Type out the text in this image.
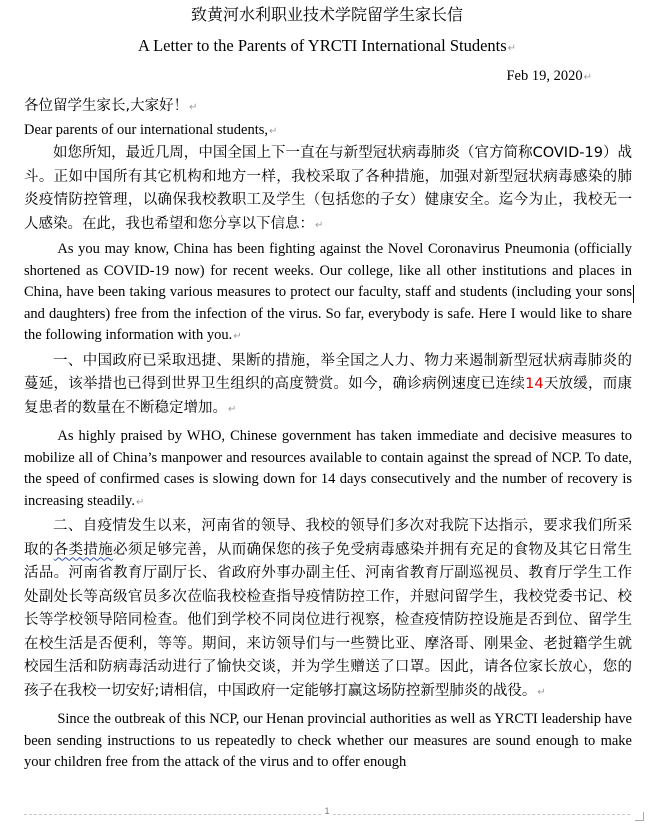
致黄河水利职业技术学院留学生家长信
A Letter to the Parents of YRCTI International Students↵
Feb 19, 2020↵

各位留学生家长,大家好！↵

Dear parents of our international students,↵

如您所知，最近几周，中国全国上下一直在与新型冠状病毒肺炎（官方简称COVID-19）战斗。正如中国所有其它机构和地方一样，我校采取了各种措施，加强对新型冠状病毒感染的肺炎疫情防控管理，以确保我校教职工及学生（包括您的子女）健康安全。迄今为止，我校无一人感染。在此，我也希望和您分享以下信息：↵

As you may know, China has been fighting against the Novel Coronavirus Pneumonia (officially shortened as COVID-19 now) for recent weeks. Our college, like all other institutions and places in China, have been taking various measures to protect our faculty, staff and students (including your sons and daughters) free from the infection of the virus. So far, everybody is safe. Here I would like to share the following information with you.↵

一、中国政府已采取迅捷、果断的措施，举全国之人力、物力来遏制新型冠状病毒肺炎的蔓延，该举措也已得到世界卫生组织的高度赞赏。如今，确诊病例速度已连续14天放缓，而康复患者的数量在不断稳定增加。↵

As highly praised by WHO, Chinese government has taken immediate and decisive measures to mobilize all of China’s manpower and resources available to contain against the spread of NCP. To date, the speed of confirmed cases is slowing down for 14 days consecutively and the number of recovery is increasing steadily.↵

二、自疫情发生以来，河南省的领导、我校的领导们多次对我院下达指示，要求我们所采取的各类措施必须足够完善，从而确保您的孩子免受病毒感染并拥有充足的食物及其它日常生活品。河南省教育厅副厅长、省政府外事办副主任、河南省教育厅副巡视员、教育厅学生工作处副处长等高级官员多次莅临我校检查指导疫情防控工作，并慰问留学生，我校党委书记、校长等学校领导陪同检查。他们到学校不同岗位进行视察，检查疫情防控设施是否到位、留学生在校生活是否便利，等等。期间，来访领导们与一些赞比亚、摩洛哥、刚果金、老挝籍学生就校园生活和防病毒活动进行了愉快交谈，并为学生赠送了口罩。因此，请各位家长放心，您的孩子在我校一切安好;请相信，中国政府一定能够打赢这场防控新型肺炎的战役。↵

Since the outbreak of this NCP, our Henan provincial authorities as well as YRCTI leadership have been sending instructions to us repeatedly to check whether our measures are sound enough to make your children free from the attack of the virus and to offer enough

1
